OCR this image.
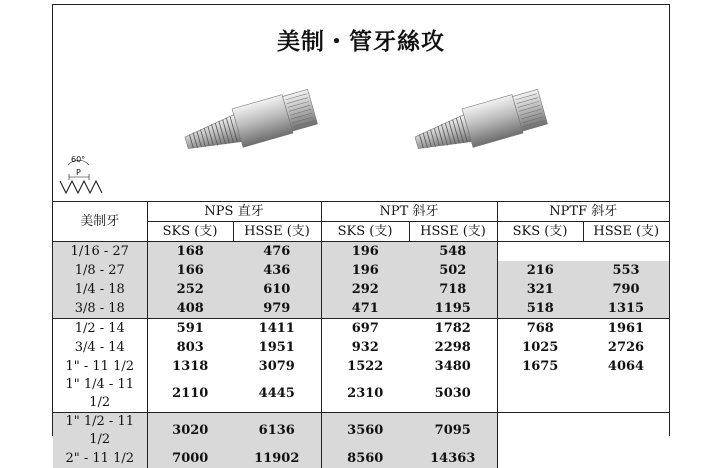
美制・管牙絲攻
60°
P
美制牙	NPS 直牙		NPT 斜牙		NPTF 斜牙	
	SKS (支)	HSSE (支)	SKS (支)	HSSE (支)	SKS (支)	HSSE (支)
1/16 - 27	168	476	196	548		
1/8 - 27	166	436	196	502	216	553
1/4 - 18	252	610	292	718	321	790
3/8 - 18	408	979	471	1195	518	1315
1/2 - 14	591	1411	697	1782	768	1961
3/4 - 14	803	1951	932	2298	1025	2726
1" - 11 1/2	1318	3079	1522	3480	1675	4064
1" 1/4 - 11 1/2	2110	4445	2310	5030		
1" 1/2 - 11 1/2	3020	6136	3560	7095		
2" - 11 1/2	7000	11902	8560	14363		
